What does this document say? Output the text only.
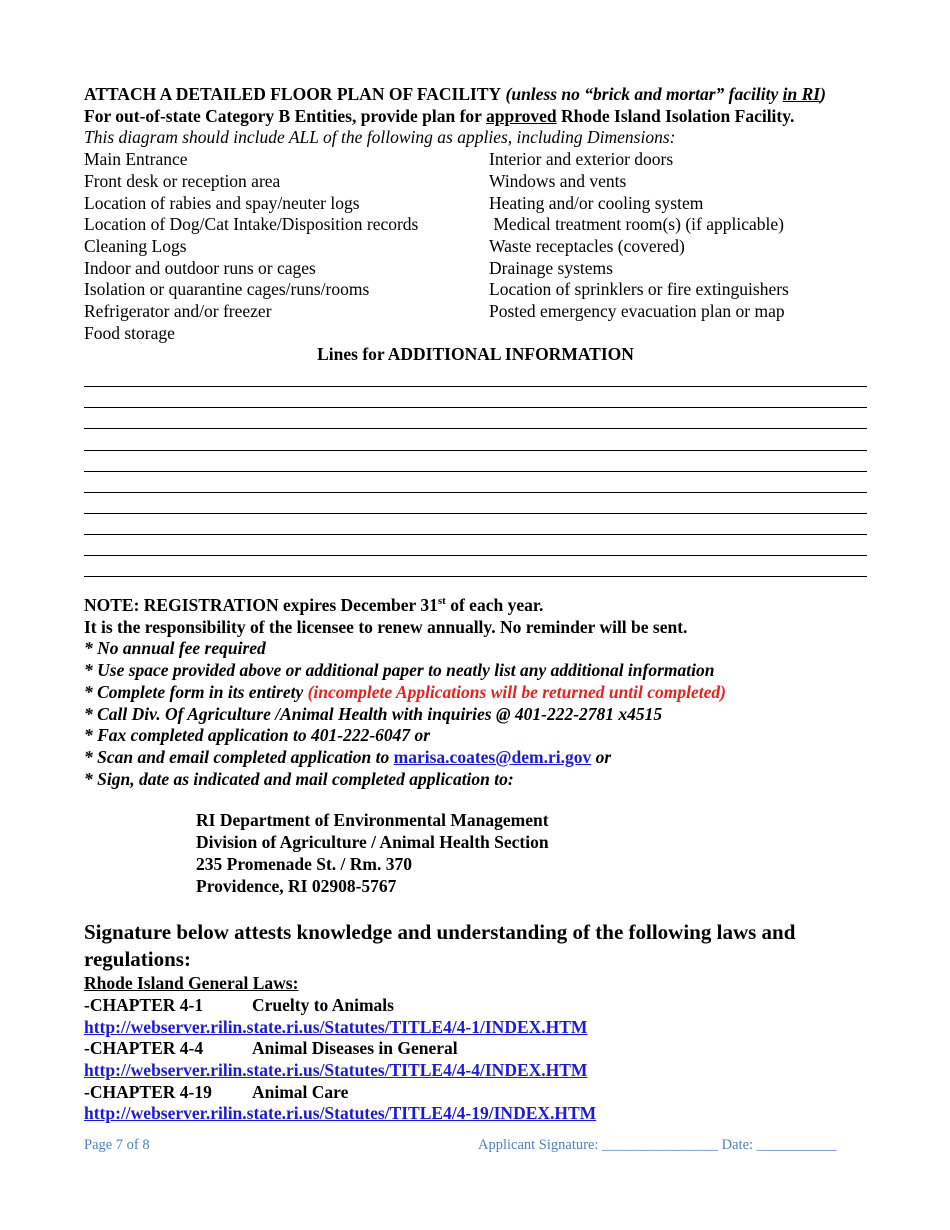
ATTACH A DETAILED FLOOR PLAN OF FACILITY (unless no “brick and mortar” facility in RI)
For out-of-state Category B Entities, provide plan for approved Rhode Island Isolation Facility.
This diagram should include ALL of the following as applies, including Dimensions:
Main Entrance
Front desk or reception area
Location of rabies and spay/neuter logs
Location of Dog/Cat Intake/Disposition records
Cleaning Logs
Indoor and outdoor runs or cages
Isolation or quarantine cages/runs/rooms
Refrigerator and/or freezer
Food storage
Interior and exterior doors
Windows and vents
Heating and/or cooling system
Medical treatment room(s) (if applicable)
Waste receptacles (covered)
Drainage systems
Location of sprinklers or fire extinguishers
Posted emergency evacuation plan or map
Lines for ADDITIONAL INFORMATION
NOTE: REGISTRATION expires December 31st of each year.
It is the responsibility of the licensee to renew annually. No reminder will be sent.
* No annual fee required
* Use space provided above or additional paper to neatly list any additional information
* Complete form in its entirety (incomplete Applications will be returned until completed)
* Call Div. Of Agriculture /Animal Health with inquiries @ 401-222-2781 x4515
* Fax completed application to 401-222-6047 or
* Scan and email completed application to marisa.coates@dem.ri.gov or
* Sign, date as indicated and mail completed application to:
RI Department of Environmental Management
Division of Agriculture / Animal Health Section
235 Promenade St. / Rm. 370
Providence, RI 02908-5767
Signature below attests knowledge and understanding of the following laws and regulations:
Rhode Island General Laws:
-CHAPTER 4-1	Cruelty to Animals
http://webserver.rilin.state.ri.us/Statutes/TITLE4/4-1/INDEX.HTM
-CHAPTER 4-4	Animal Diseases in General
http://webserver.rilin.state.ri.us/Statutes/TITLE4/4-4/INDEX.HTM
-CHAPTER 4-19	Animal Care
http://webserver.rilin.state.ri.us/Statutes/TITLE4/4-19/INDEX.HTM
Page 7 of 8	Applicant Signature: ________________ Date: ___________
